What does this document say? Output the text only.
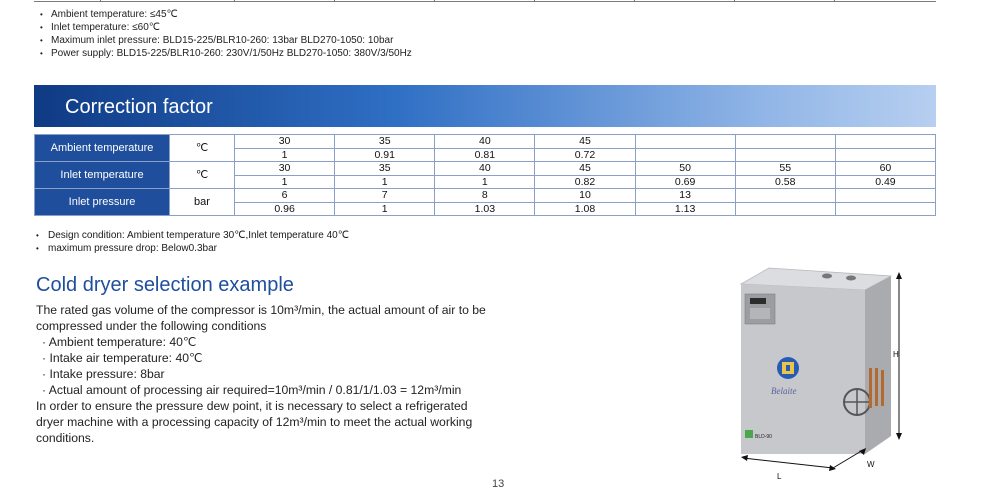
• Ambient temperature: ≤45℃
• Inlet temperature: ≤60℃
• Maximum inlet pressure: BLD15-225/BLR10-260: 13bar BLD270-1050: 10bar
• Power supply: BLD15-225/BLR10-260: 230V/1/50Hz BLD270-1050: 380V/3/50Hz
Correction factor
Ambient temperature	℃	30	35	40	45			
		1	0.91	0.81	0.72			
Inlet temperature	℃	30	35	40	45	50	55	60
		1	1	1	0.82	0.69	0.58	0.49
Inlet pressure	bar	6	7	8	10	13		
		0.96	1	1.03	1.08	1.13		
• Design condition: Ambient temperature 30℃,Inlet temperature 40℃
• maximum pressure drop: Below0.3bar
Cold dryer selection example
The rated gas volume of the compressor is 10m³/min, the actual amount of air to be compressed under the following conditions
· Ambient temperature: 40℃
· Intake air temperature: 40℃
· Intake pressure: 8bar
· Actual amount of processing air required=10m³/min / 0.81/1/1.03 = 12m³/min
In order to ensure the pressure dew point, it is necessary to select a refrigerated dryer machine with a processing capacity of 12m³/min to meet the actual working conditions.
Belaite
BLD-90
H
L
W
13
